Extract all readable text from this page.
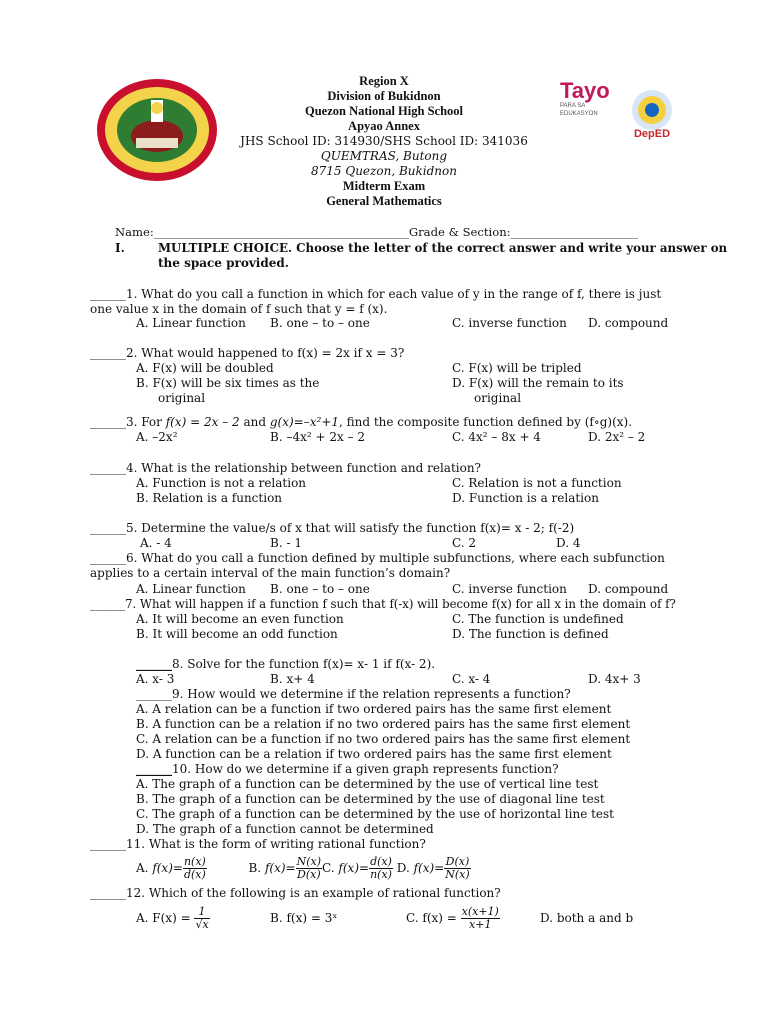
Tayo
PARA SA EDUKASYON
DepED
Region X
Division of Bukidnon
Quezon National High School
Apyao Annex
JHS School ID: 314930/SHS School ID: 341036
QUEMTRAS, Butong
8715 Quezon, Bukidnon
Midterm Exam
General Mathematics
Name:____________________________________________Grade & Section:______________________
I.	MULTIPLE CHOICE. Choose the letter of the correct answer and write your answer on
the space provided.
______1. What do you call a function in which for each value of y in the range of f, there is just
one value x in the domain of f such that y = f (x).
A. Linear function B. one – to – one	C. inverse function D. compound
______2. What would happened to f(x) = 2x if x = 3?
A. F(x) will be doubled	C. F(x) will be tripled
B. F(x) will be six times as the
original
D. F(x) will the remain to its
original
______3. For f(x) = 2x – 2 and g(x)=–x²+1, find the composite function defined by (f∘g)(x).
A. –2x²	B. –4x² + 2x – 2	C. 4x² – 8x + 4	D. 2x² – 2
______4. What is the relationship between function and relation?
A. Function is not a relation	C. Relation is not a function
B. Relation is a function	D. Function is a relation
______5. Determine the value/s of x that will satisfy the function f(x)= x - 2; f(-2)
A. - 4	B. - 1	C. 2	D. 4
______6. What do you call a function defined by multiple subfunctions, where each subfunction
applies to a certain interval of the main function’s domain?
A. Linear function B. one – to – one	C. inverse function D. compound
______7. What will happen if a function f such that f(-x) will become f(x) for all x in the domain of f?
A. It will become an even function	C. The function is undefined
B. It will become an odd function	D. The function is defined
______8. Solve for the function f(x)= x- 1 if f(x- 2).
A. x- 3	B. x+ 4	C. x- 4	D. 4x+ 3
______9. How would we determine if the relation represents a function?
A. A relation can be a function if two ordered pairs has the same first element
B. A function can be a relation if no two ordered pairs has the same first element
C. A relation can be a function if no two ordered pairs has the same first element
D. A function can be a relation if two ordered pairs has the same first element
______10. How do we determine if a given graph represents function?
A. The graph of a function can be determined by the use of vertical line test
B. The graph of a function can be determined by the use of diagonal line test
C. The graph of a function can be determined by the use of horizontal line test
D. The graph of a function cannot be determined
______11. What is the form of writing rational function?
A. $f(x)= \frac{n(x)}{d(x)}$	B. $f(x)= \frac{N(x)}{D(x)} C$. $f(x)= \frac{d(x)}{n(x)} D$. $f(x)= \frac{D(x)}{N(x)}$
______12. Which of the following is an example of rational function?
A. $F(x) = \frac{1}{√x}$	B. f(x) = 3ˣ	C. $f(x) = \frac{x(x+1)}{x+1}$	D. both a and b
